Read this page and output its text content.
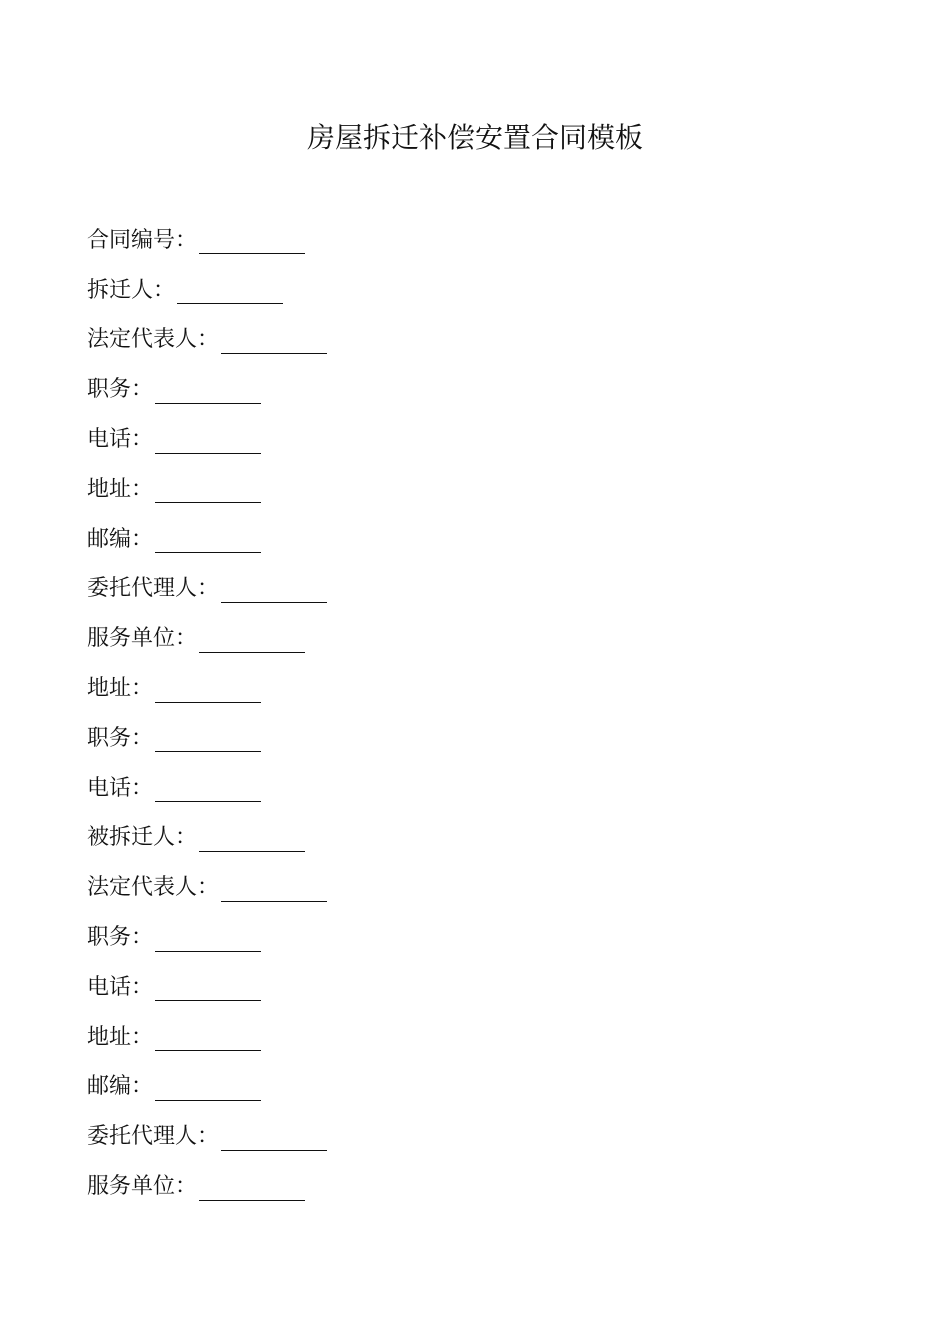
房屋拆迁补偿安置合同模板
合同编号：
拆迁人：
法定代表人：
职务：
电话：
地址：
邮编：
委托代理人：
服务单位：
地址：
职务：
电话：
被拆迁人：
法定代表人：
职务：
电话：
地址：
邮编：
委托代理人：
服务单位：
